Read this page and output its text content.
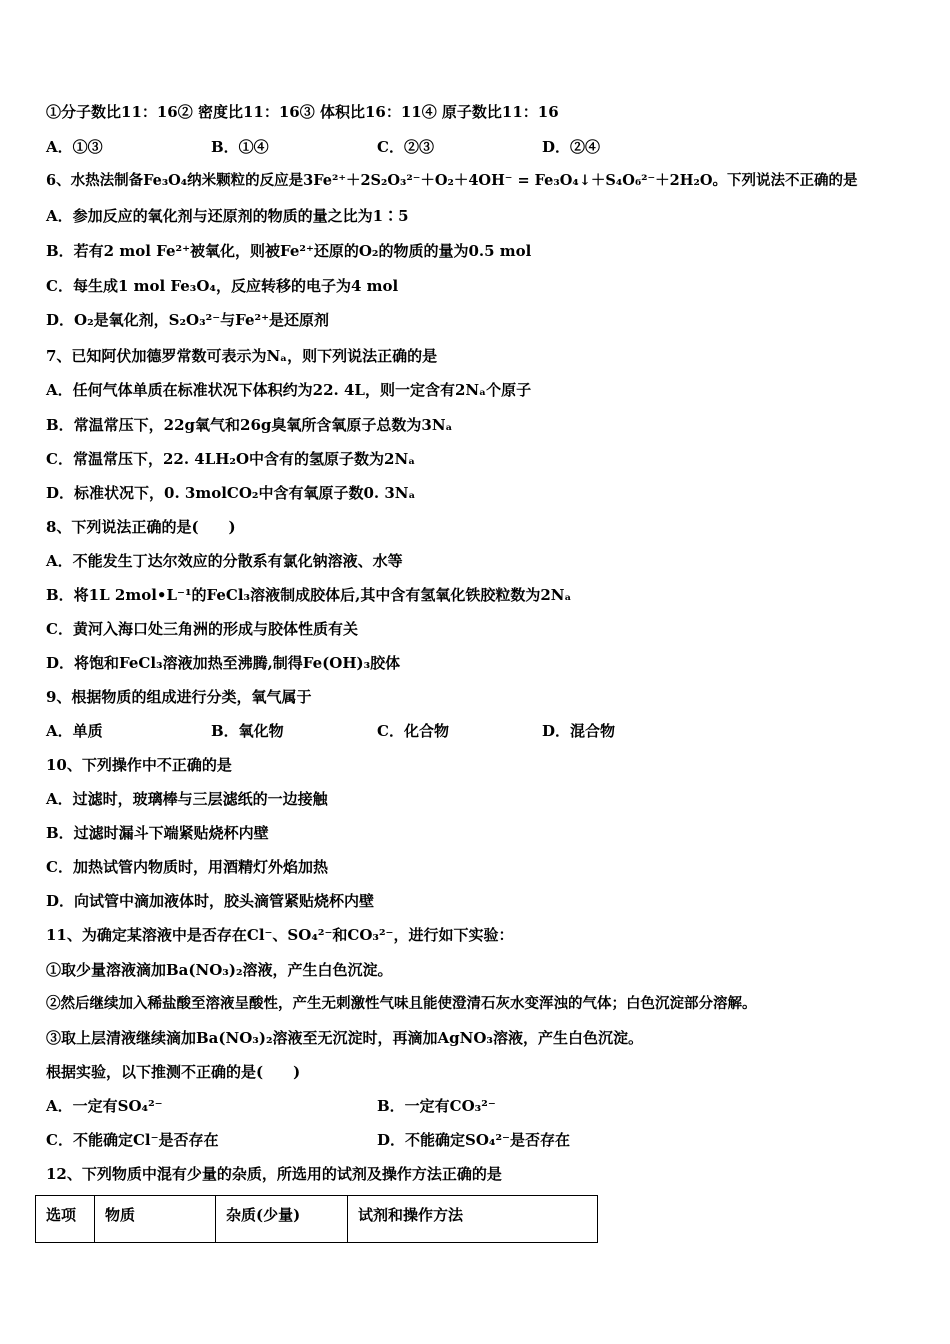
①分子数比11：16② 密度比11：16③ 体积比16：11④ 原子数比11：16
A．①③	B．①④	C．②③	D．②④
6、水热法制备Fe₃O₄纳米颗粒的反应是3Fe²⁺＋2S₂O₃²⁻＋O₂＋4OH⁻ = Fe₃O₄↓＋S₄O₆²⁻＋2H₂O。下列说法不正确的是
A．参加反应的氧化剂与还原剂的物质的量之比为1∶5
B．若有2 mol Fe²⁺被氧化，则被Fe²⁺还原的O₂的物质的量为0.5 mol
C．每生成1 mol Fe₃O₄，反应转移的电子为4 mol
D．O₂是氧化剂，S₂O₃²⁻与Fe²⁺是还原剂
7、已知阿伏加德罗常数可表示为Nₐ，则下列说法正确的是
A．任何气体单质在标准状况下体积约为22. 4L，则一定含有2Nₐ个原子
B．常温常压下，22g氧气和26g臭氧所含氧原子总数为3Nₐ
C．常温常压下，22. 4LH₂O中含有的氢原子数为2Nₐ
D．标准状况下，0. 3molCO₂中含有氧原子数0. 3Nₐ
8、下列说法正确的是(　　)
A．不能发生丁达尔效应的分散系有氯化钠溶液、水等
B．将1L 2mol•L⁻¹的FeCl₃溶液制成胶体后,其中含有氢氧化铁胶粒数为2Nₐ
C．黄河入海口处三角洲的形成与胶体性质有关
D．将饱和FeCl₃溶液加热至沸腾,制得Fe(OH)₃胶体
9、根据物质的组成进行分类，氧气属于
A．单质	B．氧化物	C．化合物	D．混合物
10、下列操作中不正确的是
A．过滤时，玻璃棒与三层滤纸的一边接触
B．过滤时漏斗下端紧贴烧杯内壁
C．加热试管内物质时，用酒精灯外焰加热
D．向试管中滴加液体时，胶头滴管紧贴烧杯内壁
11、为确定某溶液中是否存在Cl⁻、SO₄²⁻和CO₃²⁻，进行如下实验：
①取少量溶液滴加Ba(NO₃)₂溶液，产生白色沉淀。
②然后继续加入稀盐酸至溶液呈酸性，产生无刺激性气味且能使澄清石灰水变浑浊的气体；白色沉淀部分溶解。
③取上层清液继续滴加Ba(NO₃)₂溶液至无沉淀时，再滴加AgNO₃溶液，产生白色沉淀。
根据实验，以下推测不正确的是(　　)
A．一定有SO₄²⁻	B．一定有CO₃²⁻
C．不能确定Cl⁻是否存在	D．不能确定SO₄²⁻是否存在
12、下列物质中混有少量的杂质，所选用的试剂及操作方法正确的是
选项	物质	杂质(少量)	试剂和操作方法
